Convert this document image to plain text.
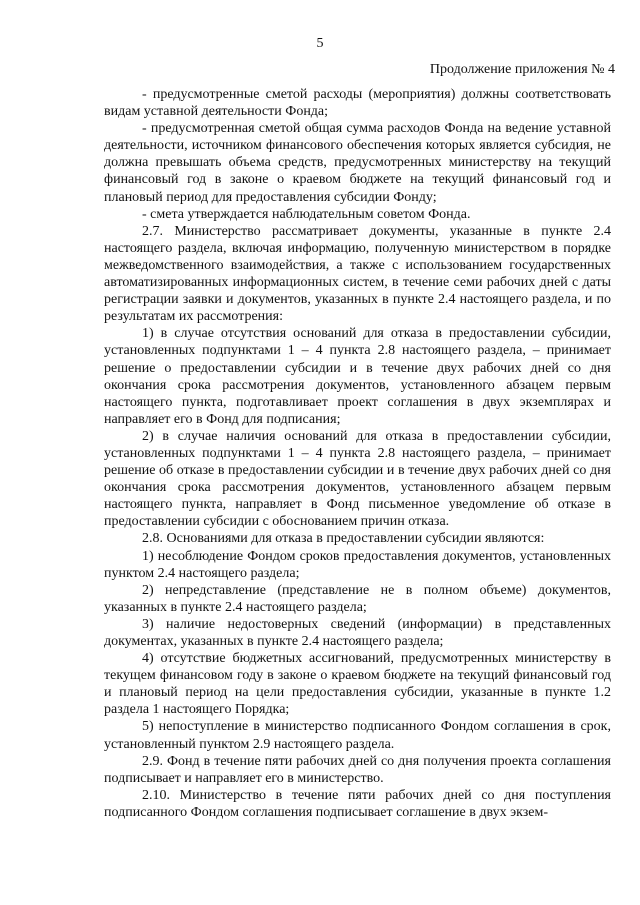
5
Продолжение приложения № 4

- предусмотренные сметой расходы (мероприятия) должны соответствовать видам уставной деятельности Фонда;

- предусмотренная сметой общая сумма расходов Фонда на ведение уставной деятельности, источником финансового обеспечения которых является субсидия, не должна превышать объема средств, предусмотренных министерству на текущий финансовый год в законе о краевом бюджете на текущий финансовый год и плановый период для предоставления субсидии Фонду;

- смета утверждается наблюдательным советом Фонда.

2.7. Министерство рассматривает документы, указанные в пункте 2.4 настоящего раздела, включая информацию, полученную министерством в порядке межведомственного взаимодействия, а также с использованием государственных автоматизированных информационных систем, в течение семи рабочих дней с даты регистрации заявки и документов, указанных в пункте 2.4 настоящего раздела, и по результатам их рассмотрения:

1) в случае отсутствия оснований для отказа в предоставлении субсидии, установленных подпунктами 1 – 4 пункта 2.8 настоящего раздела, – принимает решение о предоставлении субсидии и в течение двух рабочих дней со дня окончания срока рассмотрения документов, установленного абзацем первым настоящего пункта, подготавливает проект соглашения в двух экземплярах и направляет его в Фонд для подписания;

2) в случае наличия оснований для отказа в предоставлении субсидии, установленных подпунктами 1 – 4 пункта 2.8 настоящего раздела, – принимает решение об отказе в предоставлении субсидии и в течение двух рабочих дней со дня окончания срока рассмотрения документов, установленного абзацем первым настоящего пункта, направляет в Фонд письменное уведомление об отказе в предоставлении субсидии с обоснованием причин отказа.

2.8. Основаниями для отказа в предоставлении субсидии являются:

1) несоблюдение Фондом сроков предоставления документов, установленных пунктом 2.4 настоящего раздела;

2) непредставление (представление не в полном объеме) документов, указанных в пункте 2.4 настоящего раздела;

3) наличие недостоверных сведений (информации) в представленных документах, указанных в пункте 2.4 настоящего раздела;

4) отсутствие бюджетных ассигнований, предусмотренных министерству в текущем финансовом году в законе о краевом бюджете на текущий финансовый год и плановый период на цели предоставления субсидии, указанные в пункте 1.2 раздела 1 настоящего Порядка;

5) непоступление в министерство подписанного Фондом соглашения в срок, установленный пунктом 2.9 настоящего раздела.

2.9. Фонд в течение пяти рабочих дней со дня получения проекта соглашения подписывает и направляет его в министерство.

2.10. Министерство в течение пяти рабочих дней со дня поступления подписанного Фондом соглашения подписывает соглашение в двух экзем-
